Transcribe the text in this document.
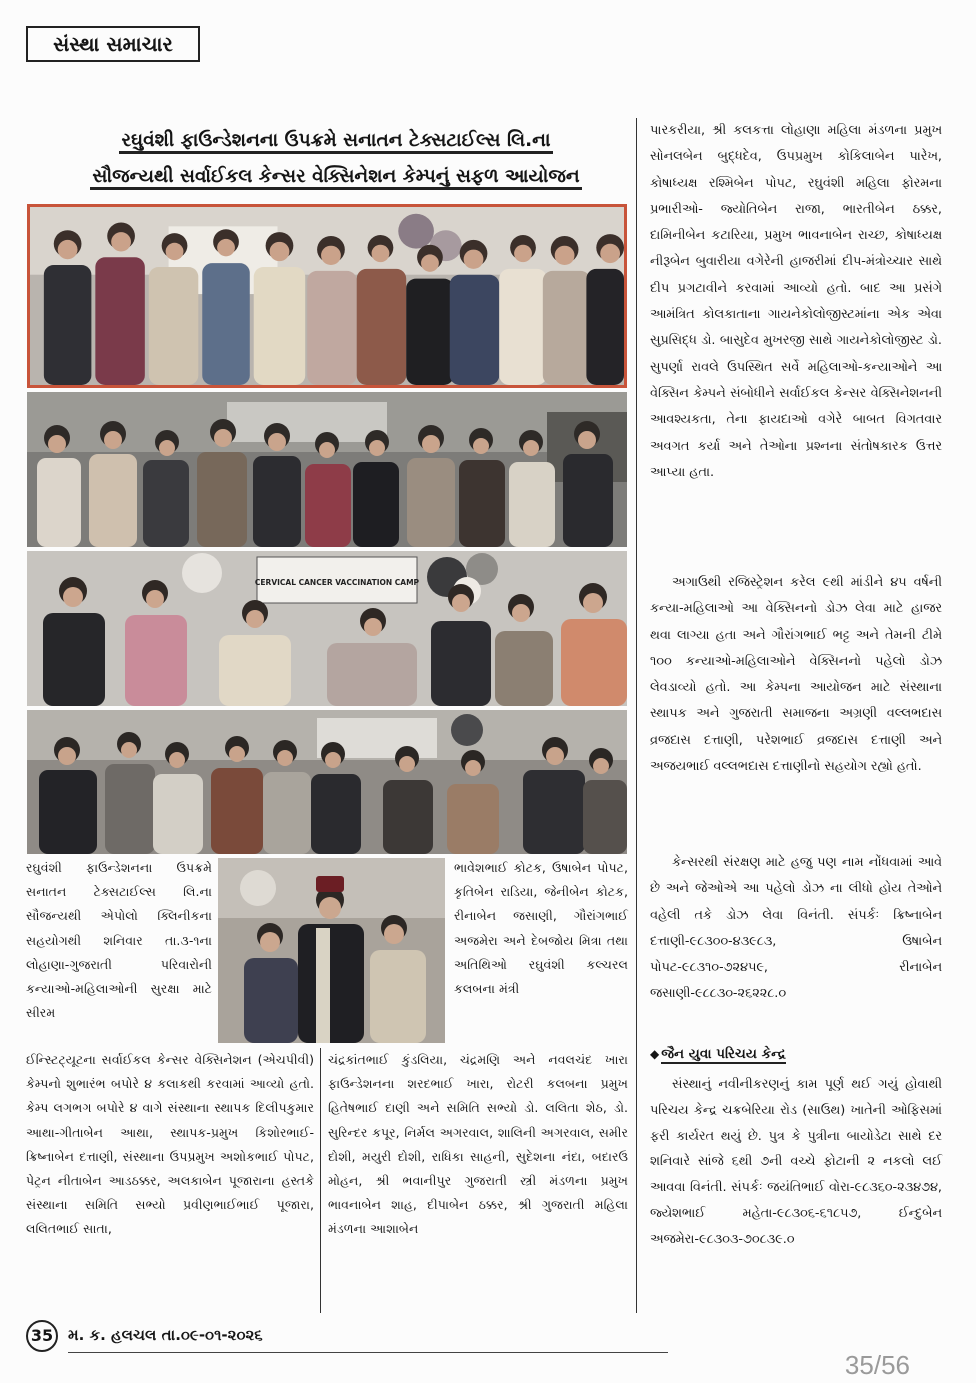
સંસ્થા સમાચાર
રઘુવંશી ફાઉન્ડેશનના ઉપક્રમે સનાતન ટેક્સટાઈલ્સ લિ.ના
સૌજન્યથી સર્વાઈકલ કેન્સર વેક્સિનેશન કેમ્પનું સફળ આયોજન
CERVICAL CANCER VACCINATION CAMP

રઘુવંશી ફાઉન્ડેશનના ઉપક્રમે સનાતન ટેક્સટાઈલ્સ લિ.ના સૌજન્યથી એપોલો ક્લિનીકના સહયોગથી શનિવાર તા.૩-૧ના લોહાણા-ગુજરાતી પરિવારોની કન્યાઓ-મહિલાઓની સુરક્ષા માટે સીરમ

ભાવેશભાઈ કોટક, ઉષાબેન પોપટ, કૃતિબેન રાડિયા, જેનીબેન કોટક, રીનાબેન જસાણી, ગૌરાંગભાઈ અજમેરા અને દેબજોય મિત્રા તથા અતિથિઓ રઘુવંશી કલ્ચરલ કલબના મંત્રી

ઈન્સ્ટિટ્યૂટના સર્વાઈકલ કેન્સર વેક્સિનેશન (એચપીવી) કેમ્પનો શુભારંભ બપોરે ૪ કલાકથી કરવામાં આવ્યો હતો. કેમ્પ લગભગ બપોરે ૪ વાગે સંસ્થાના સ્થાપક દિલીપકુમાર આથા-ગીતાબેન આથા, સ્થાપક-પ્રમુખ કિશોરભાઈ-ક્રિષ્નાબેન દત્તાણી, સંસ્થાના ઉપપ્રમુખ અશોકભાઈ પોપટ, પેટ્રન નીતાબેન આડઠક્કર, અલકાબેન પૂજારાના હસ્તકે સંસ્થાના સમિતિ સભ્યો પ્રવીણભાઈભાઈ પૂજારા, લલિતભાઈ સાતા,

ચંદ્રકાંતભાઈ કુંડલિયા, ચંદ્રમણિ અને નવલચંદ ખારા ફાઉન્ડેશનના શરદભાઈ ખારા, રોટરી કલબના પ્રમુખ હિતેષભાઈ દાણી અને સમિતિ સભ્યો ડો. લલિતા શેઠ, ડો. સુરિન્દર કપૂર, નિર્મલ અગરવાલ, શાલિની અગરવાલ, સમીર દોશી, મયુરી દોશી, રાધિકા સાહની, સુદેશના નંદા, બદારઉ મોહન, શ્રી ભવાનીપુર ગુજરાતી સ્ત્રી મંડળના પ્રમુખ ભાવનાબેન શાહ, દીપાબેન ઠક્કર, શ્રી ગુજરાતી મહિલા મંડળના આશાબેન

પારકરીયા, શ્રી કલકત્તા લોહાણા મહિલા મંડળના પ્રમુખ સોનલબેન બુદ્ધદેવ, ઉપપ્રમુખ કોકિલાબેન પારેખ, કોષાધ્યક્ષ રશ્મિબેન પોપટ, રઘુવંશી મહિલા ફોરમના પ્રભારીઓ- જ્યોતિબેન રાજા, ભારતીબેન ઠક્કર, દામિનીબેન કટારિયા, પ્રમુખ ભાવનાબેન રાચ્છ, કોષાધ્યક્ષ નીરૂબેન બુવારીયા વગેરેની હાજરીમાં દીપ-મંત્રોચ્ચાર સાથે દીપ પ્રગટાવીને કરવામાં આવ્યો હતો. બાદ આ પ્રસંગે આમંત્રિત કોલકાતાના ગાયનેકોલોજીસ્ટમાંના એક એવા સુપ્રસિદ્ધ ડો. બાસુદેવ મુખરજી સાથે ગાયનેકોલોજીસ્ટ ડો. સુપર્ણા રાવલે ઉપસ્થિત સર્વે મહિલાઓ-કન્યાઓને આ વેક્સિન કેમ્પને સંબોધીને સર્વાઈકલ કેન્સર વેક્સિનેશનની આવશ્યકતા, તેના ફાયદાઓ વગેરે બાબત વિગતવાર અવગત કર્યા અને તેઓના પ્રશ્નના સંતોષકારક ઉત્તર આપ્યા હતા.

અગાઉથી રજિસ્ટ્રેશન કરેલ ૯થી માંડીને ૪૫ વર્ષની કન્યા-મહિલાઓ આ વેક્સિનનો ડોઝ લેવા માટે હાજર થવા લાગ્યા હતા અને ગૌરાંગભાઈ ભટ્ટ અને તેમની ટીમે ૧૦૦ કન્યાઓ-મહિલાઓને વેક્સિનનો પહેલો ડોઝ લેવડાવ્યો હતો. આ કેમ્પના આયોજન માટે સંસ્થાના સ્થાપક અને ગુજરાતી સમાજના અગ્રણી વલ્લભદાસ વ્રજદાસ દત્તાણી, પરેશભાઈ વ્રજદાસ દત્તાણી અને અજયભાઈ વલ્લભદાસ દત્તાણીનો સહયોગ રહ્યો હતો.

કેન્સરથી સંરક્ષણ માટે હજુ પણ નામ નોંધવામાં આવે છે અને જેઓએ આ પહેલો ડોઝ ના લીધો હોય તેઓને વહેલી તકે ડોઝ લેવા વિનંતી. સંપર્કઃ ક્રિષ્નાબેન દત્તાણી-૯૮૩૦૦-૪૩૯૮૩, ઉષાબેન પોપટ-૯૮૩૧૦-૭૨૪૫૯, રીનાબેન જસાણી-૯૮૮૩૦-૨૬૨૨૮.૦

◆ જૈન યુવા પરિચય કેન્દ્ર

સંસ્થાનું નવીનીકરણનું કામ પૂર્ણ થઈ ગયું હોવાથી પરિચય કેન્દ્ર ચક્રબેરિયા રોડ (સાઉથ) ખાતેની ઓફિસમાં ફરી કાર્યરત થયું છે. પુત્ર કે પુત્રીના બાયોડેટા સાથે દર શનિવારે સાંજે ૬થી ૭ની વચ્ચે ફોટાની ૨ નકલો લઈ આવવા વિનંતી. સંપર્કઃ જયંતિભાઈ વોરા-૯૮૩૬૦-૨૩૪૭૪, જ્યેશભાઈ મહેતા-૯૮૩૦૬-૬૧૮૫૭, ઈન્દુબેન અજમેરા-૯૮૩૦૩-૭૦૮૩૯.૦

35 મ. ક. હલચલ તા.૦૯-૦૧-૨૦૨૬
35/56
